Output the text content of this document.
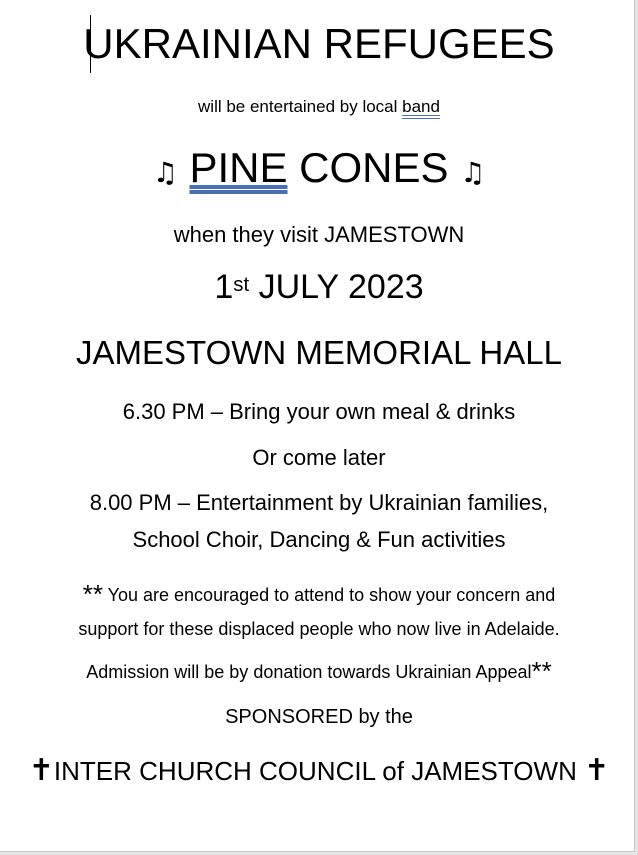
UKRAINIAN REFUGEES
will be entertained by local band
♫ PINE CONES ♫
when they visit JAMESTOWN
1st JULY 2023
JAMESTOWN MEMORIAL HALL
6.30 PM – Bring your own meal & drinks
Or come later
8.00 PM – Entertainment by Ukrainian families,
School Choir, Dancing & Fun activities
** You are encouraged to attend to show your concern and
support for these displaced people who now live in Adelaide.
Admission will be by donation towards Ukrainian Appeal**
SPONSORED by the
✝INTER CHURCH COUNCIL of JAMESTOWN ✝
